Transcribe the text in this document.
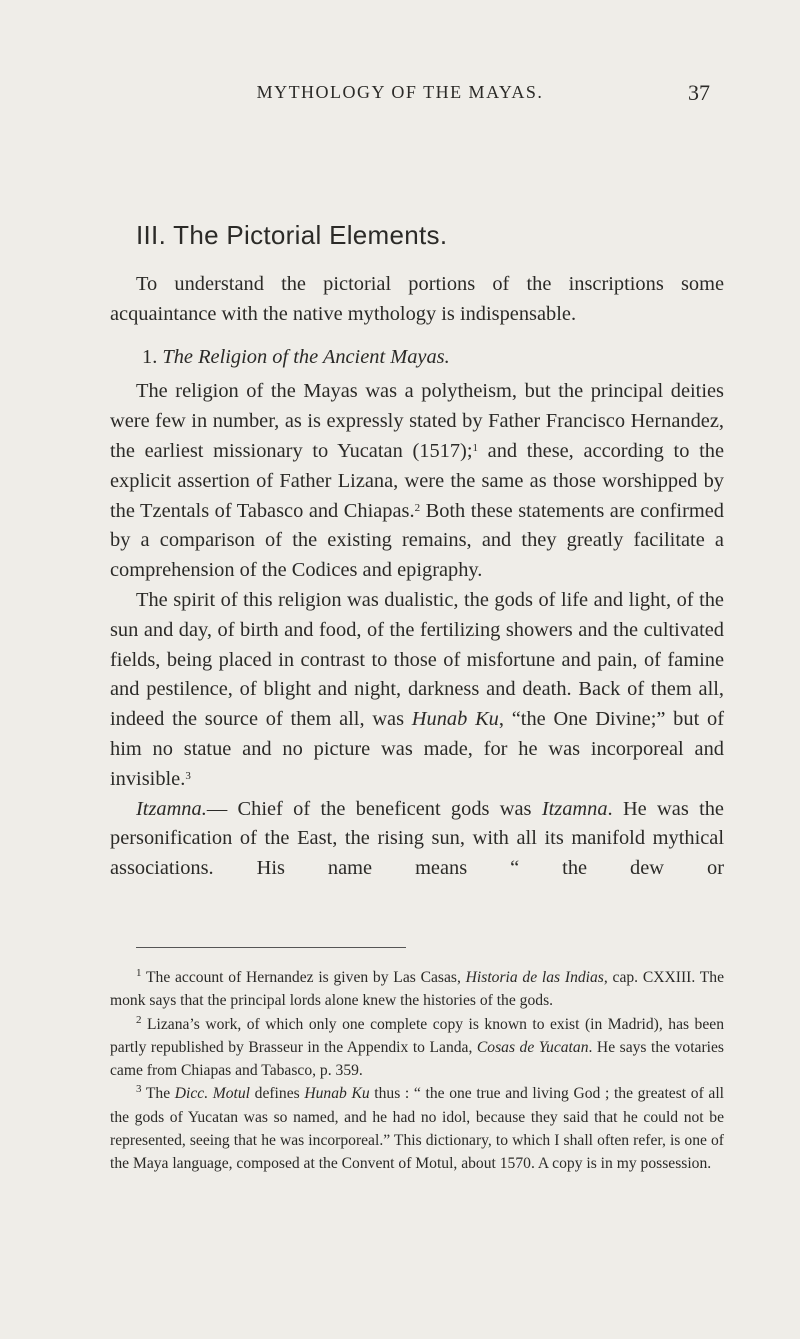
MYTHOLOGY OF THE MAYAS.	37
III. The Pictorial Elements.

To understand the pictorial portions of the inscriptions some acquaintance with the native mythology is indispensable.

1. The Religion of the Ancient Mayas.

The religion of the Mayas was a polytheism, but the principal deities were few in number, as is expressly stated by Father Francisco Hernandez, the earliest missionary to Yucatan (1517);$^1$ and these, according to the explicit assertion of Father Lizana, were the same as those worshipped by the Tzentals of Tabasco and Chiapas.$^2$ Both these statements are confirmed by a comparison of the existing remains, and they greatly facilitate a comprehension of the Codices and epigraphy.

The spirit of this religion was dualistic, the gods of life and light, of the sun and day, of birth and food, of the fertilizing showers and the cultivated fields, being placed in contrast to those of misfortune and pain, of famine and pestilence, of blight and night, darkness and death. Back of them all, indeed the source of them all, was Hunab Ku, “the One Divine;” but of him no statue and no picture was made, for he was incorporeal and invisible.$^3$

Itzamna.— Chief of the beneficent gods was Itzamna. He was the personification of the East, the rising sun, with all its manifold mythical associations. His name means “ the dew or

$^1$ The account of Hernandez is given by Las Casas, Historia de las Indias, cap. CXXIII. The monk says that the principal lords alone knew the histories of the gods.

$^2$ Lizana’s work, of which only one complete copy is known to exist (in Madrid), has been partly republished by Brasseur in the Appendix to Landa, Cosas de Yucatan. He says the votaries came from Chiapas and Tabasco, p. 359.

$^3$ The Dicc. Motul defines Hunab Ku thus : “ the one true and living God ; the greatest of all the gods of Yucatan was so named, and he had no idol, because they said that he could not be represented, seeing that he was incorporeal.” This dictionary, to which I shall often refer, is one of the Maya language, composed at the Convent of Motul, about 1570. A copy is in my possession.
